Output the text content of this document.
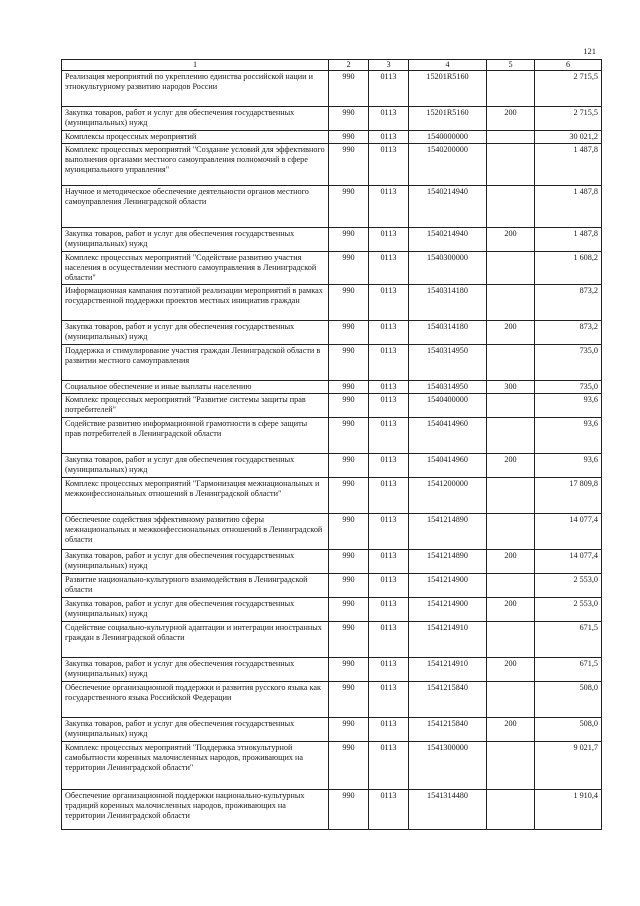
121
1	2	3	4	5	6
Реализация мероприятий по укреплению единства российской нации и этнокультурному развитию народов России	990	0113	15201R5160		2 715,5
Закупка товаров, работ и услуг для обеспечения государственных (муниципальных) нужд	990	0113	15201R5160	200	2 715,5
Комплексы процессных мероприятий	990	0113	1540000000		30 021,2
Комплекс процессных мероприятий "Создание условий для эффективного выполнения органами местного самоуправления полномочий в сфере муниципального управления"	990	0113	1540200000		1 487,8
Научное и методическое обеспечение деятельности органов местного самоуправления Ленинградской области	990	0113	1540214940		1 487,8
Закупка товаров, работ и услуг для обеспечения государственных (муниципальных) нужд	990	0113	1540214940	200	1 487,8
Комплекс процессных мероприятий "Содействие развитию участия населения в осуществлении местного самоуправления в Ленинградской области"	990	0113	1540300000		1 608,2
Информационная кампания поэтапной реализации мероприятий в рамках государственной поддержки проектов местных инициатив граждан	990	0113	1540314180		873,2
Закупка товаров, работ и услуг для обеспечения государственных (муниципальных) нужд	990	0113	1540314180	200	873,2
Поддержка и стимулирование участия граждан Ленинградской области в развитии местного самоуправления	990	0113	1540314950		735,0
Социальное обеспечение и иные выплаты населению	990	0113	1540314950	300	735,0
Комплекс процессных мероприятий "Развитие системы защиты прав потребителей"	990	0113	1540400000		93,6
Содействие развитию информационной грамотности в сфере защиты прав потребителей в Ленинградской области	990	0113	1540414960		93,6
Закупка товаров, работ и услуг для обеспечения государственных (муниципальных) нужд	990	0113	1540414960	200	93,6
Комплекс процессных мероприятий "Гармонизация межнациональных и межконфессиональных отношений в Ленинградской области"	990	0113	1541200000		17 809,8
Обеспечение содействия эффективному развитию сферы межнациональных и межконфессиональных отношений в Ленинградской области	990	0113	1541214890		14 077,4
Закупка товаров, работ и услуг для обеспечения государственных (муниципальных) нужд	990	0113	1541214890	200	14 077,4
Развитие национально-культурного взаимодействия в Ленинградской области	990	0113	1541214900		2 553,0
Закупка товаров, работ и услуг для обеспечения государственных (муниципальных) нужд	990	0113	1541214900	200	2 553,0
Содействие социально-культурной адаптации и интеграции иностранных граждан в Ленинградской области	990	0113	1541214910		671,5
Закупка товаров, работ и услуг для обеспечения государственных (муниципальных) нужд	990	0113	1541214910	200	671,5
Обеспечение организационной поддержки и развития русского языка как государственного языка Российской Федерации	990	0113	1541215840		508,0
Закупка товаров, работ и услуг для обеспечения государственных (муниципальных) нужд	990	0113	1541215840	200	508,0
Комплекс процессных мероприятий "Поддержка этнокультурной самобытности коренных малочисленных народов, проживающих на территории Ленинградской области"	990	0113	1541300000		9 021,7
Обеспечение организационной поддержки национально-культурных традиций коренных малочисленных народов, проживающих на территории Ленинградской области	990	0113	1541314480		1 910,4
